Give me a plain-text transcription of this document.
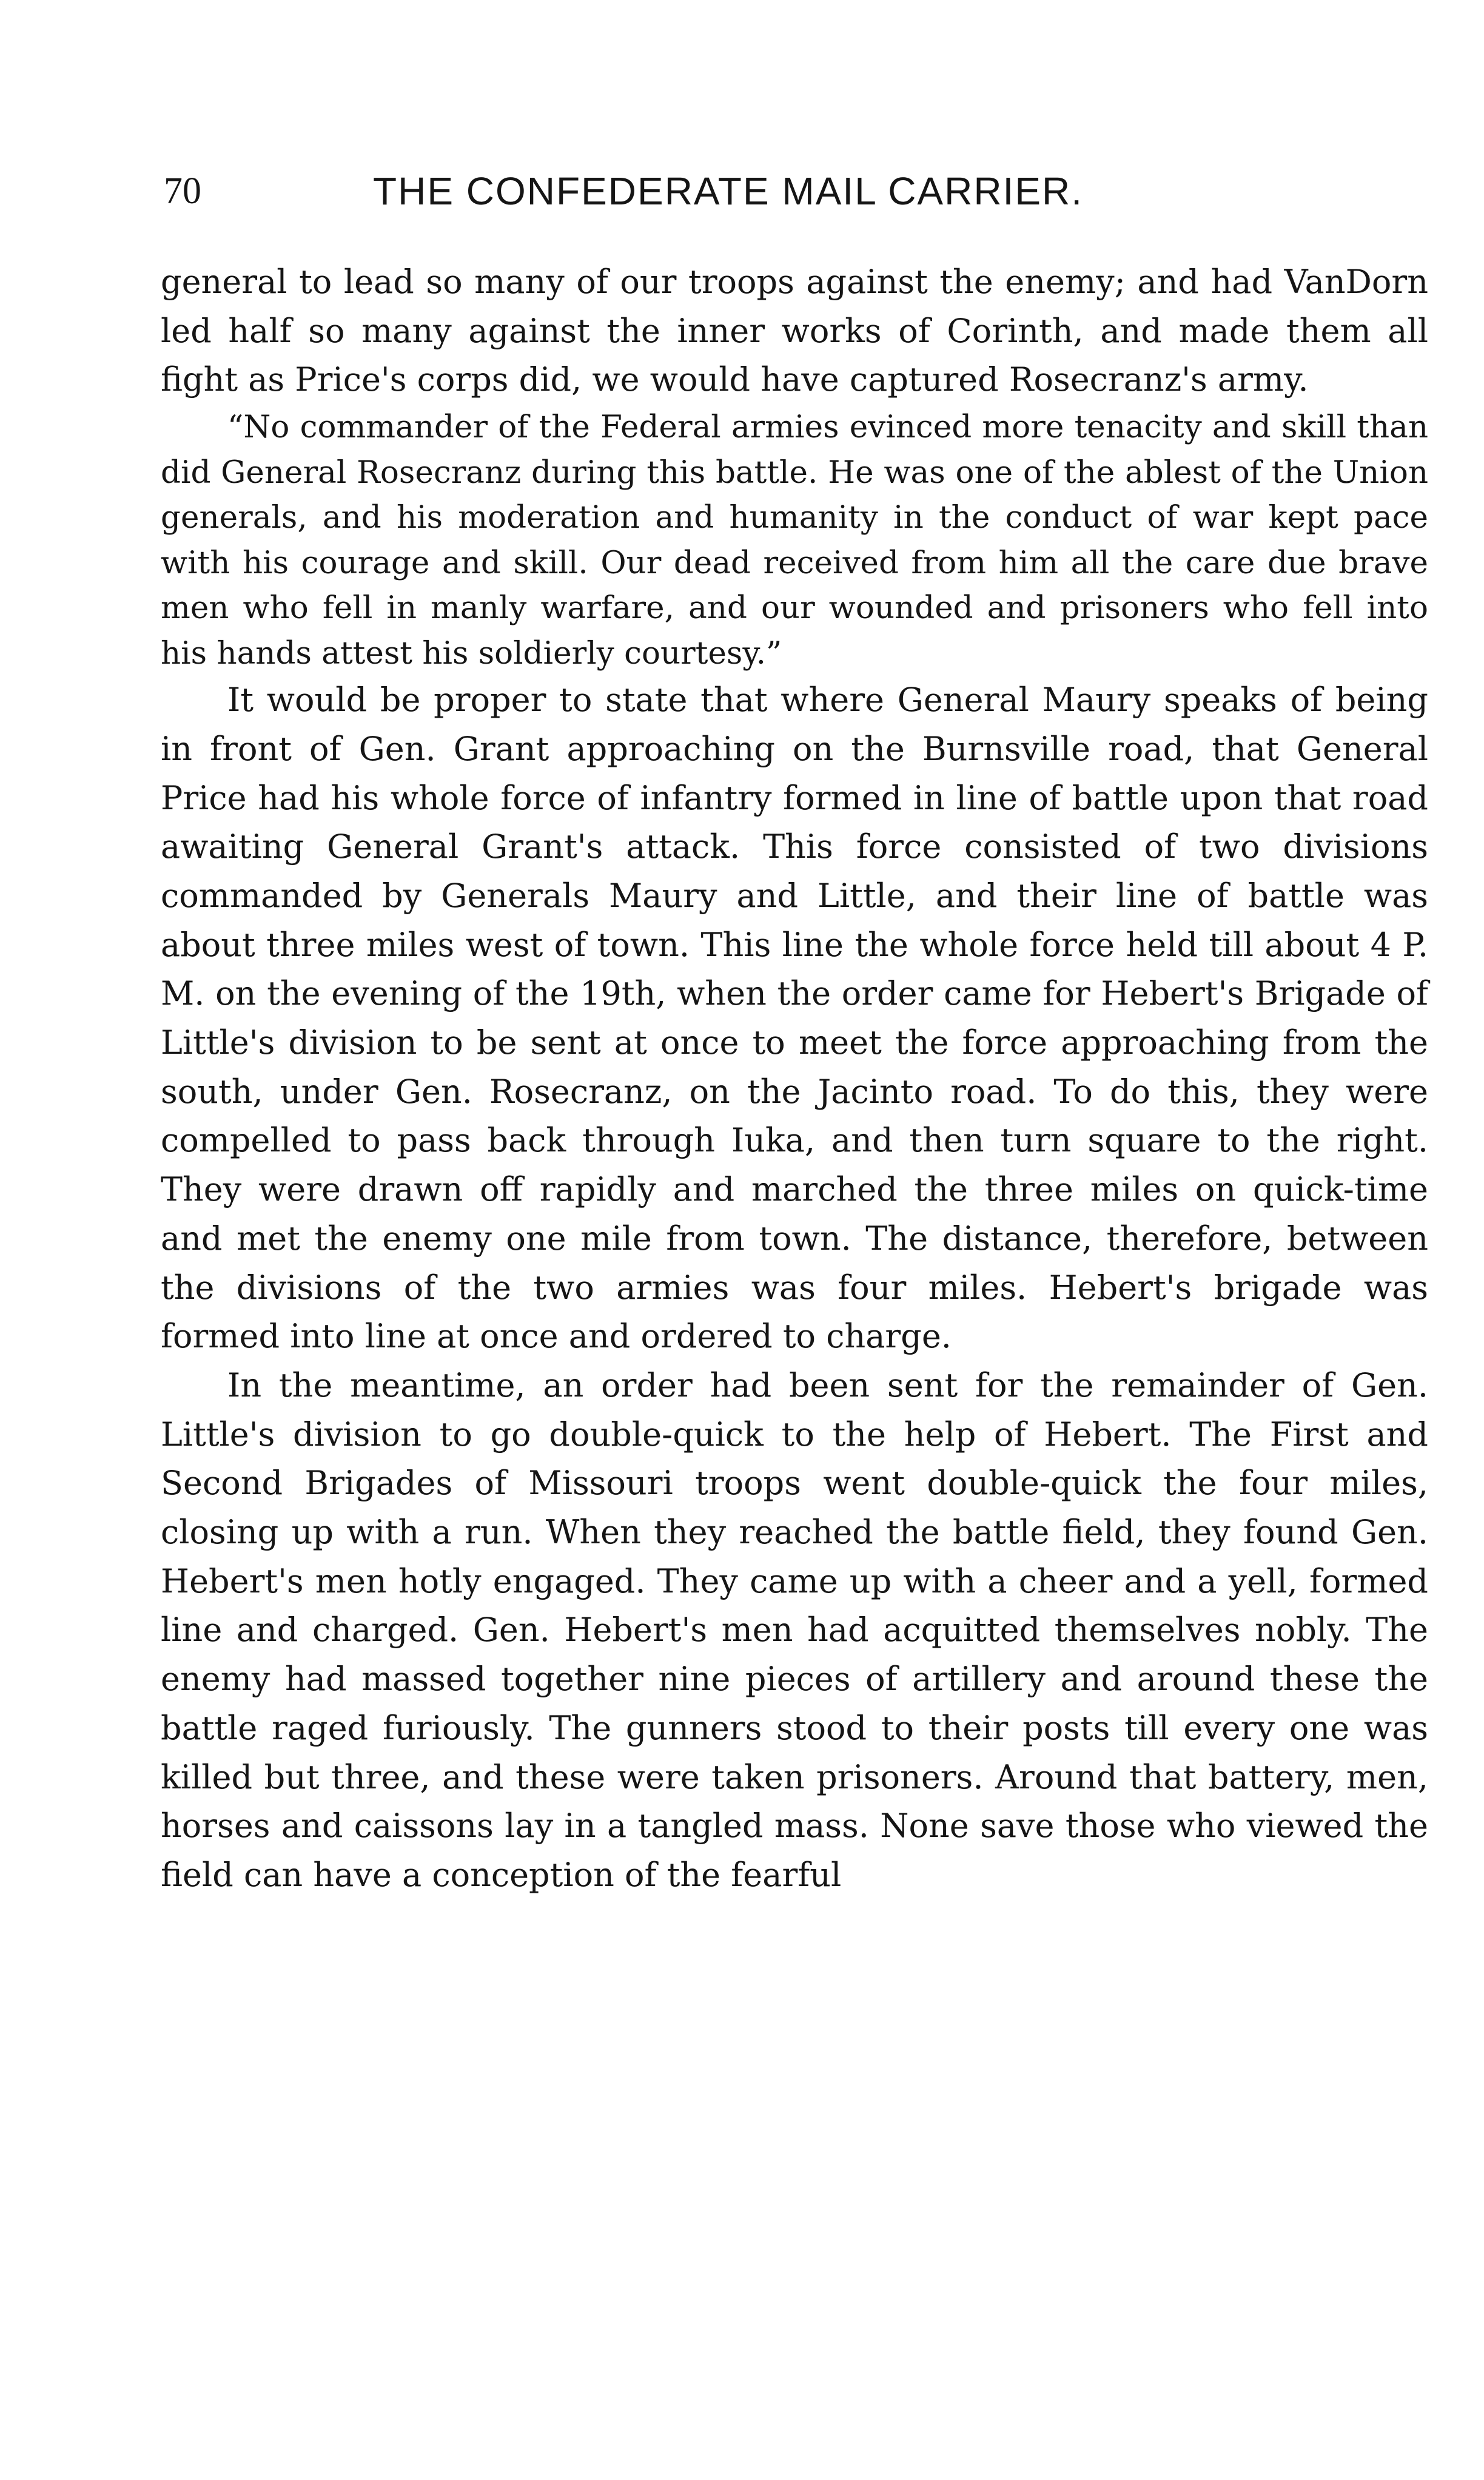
70	THE CONFEDERATE MAIL CARRIER.

general to lead so many of our troops against the enemy; and had VanDorn led half so many against the inner works of Corinth, and made them all fight as Price's corps did, we would have captured Rosecranz's army.

“No commander of the Federal armies evinced more tenacity and skill than did General Rosecranz during this battle. He was one of the ablest of the Union generals, and his moderation and humanity in the conduct of war kept pace with his courage and skill. Our dead received from him all the care due brave men who fell in manly warfare, and our wounded and prisoners who fell into his hands attest his soldierly courtesy.”

It would be proper to state that where General Maury speaks of being in front of Gen. Grant approaching on the Burnsville road, that General Price had his whole force of infantry formed in line of battle upon that road awaiting General Grant's attack. This force consisted of two divisions commanded by Generals Maury and Little, and their line of battle was about three miles west of town. This line the whole force held till about 4 P. M. on the evening of the 19th, when the order came for Hebert's Brigade of Little's division to be sent at once to meet the force approaching from the south, under Gen. Rosecranz, on the Jacinto road. To do this, they were compelled to pass back through Iuka, and then turn square to the right. They were drawn off rapidly and marched the three miles on quick-time and met the enemy one mile from town. The distance, therefore, between the divisions of the two armies was four miles. Hebert's brigade was formed into line at once and ordered to charge.

In the meantime, an order had been sent for the remainder of Gen. Little's division to go double-quick to the help of Hebert. The First and Second Brigades of Missouri troops went double-quick the four miles, closing up with a run. When they reached the battle field, they found Gen. Hebert's men hotly engaged. They came up with a cheer and a yell, formed line and charged. Gen. Hebert's men had acquitted themselves nobly. The enemy had massed together nine pieces of artillery and around these the battle raged furiously. The gunners stood to their posts till every one was killed but three, and these were taken prisoners. Around that battery, men, horses and caissons lay in a tangled mass. None save those who viewed the field can have a conception of the fearful
